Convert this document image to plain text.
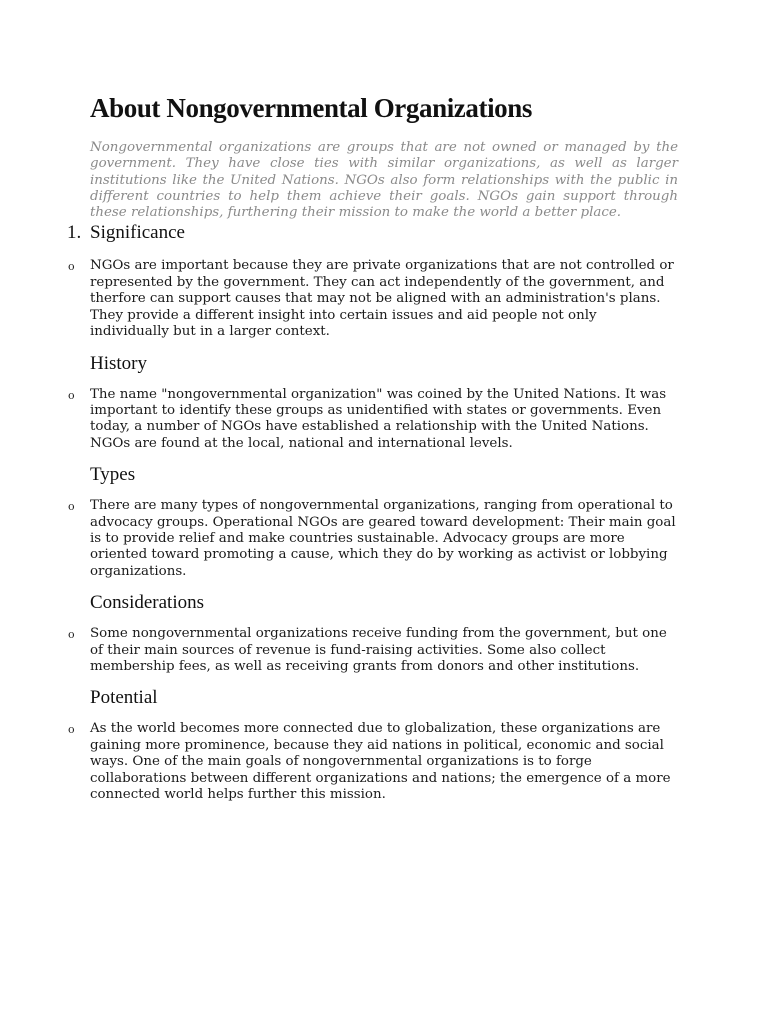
About Nongovernmental Organizations

Nongovernmental organizations are groups that are not owned or managed by the government. They have close ties with similar organizations, as well as larger institutions like the United Nations. NGOs also form relationships with the public in different countries to help them achieve their goals. NGOs gain support through these relationships, furthering their mission to make the world a better place.

1. Significance
o NGOs are important because they are private organizations that are not controlled or represented by the government. They can act independently of the government, and therfore can support causes that may not be aligned with an administration's plans. They provide a different insight into certain issues and aid people not only individually but in a larger context.
History
o The name "nongovernmental organization" was coined by the United Nations. It was important to identify these groups as unidentified with states or governments. Even today, a number of NGOs have established a relationship with the United Nations. NGOs are found at the local, national and international levels.
Types
o There are many types of nongovernmental organizations, ranging from operational to advocacy groups. Operational NGOs are geared toward development: Their main goal is to provide relief and make countries sustainable. Advocacy groups are more oriented toward promoting a cause, which they do by working as activist or lobbying organizations.
Considerations
o Some nongovernmental organizations receive funding from the government, but one of their main sources of revenue is fund-raising activities. Some also collect membership fees, as well as receiving grants from donors and other institutions.
Potential
o As the world becomes more connected due to globalization, these organizations are gaining more prominence, because they aid nations in political, economic and social ways. One of the main goals of nongovernmental organizations is to forge collaborations between different organizations and nations; the emergence of a more connected world helps further this mission.
